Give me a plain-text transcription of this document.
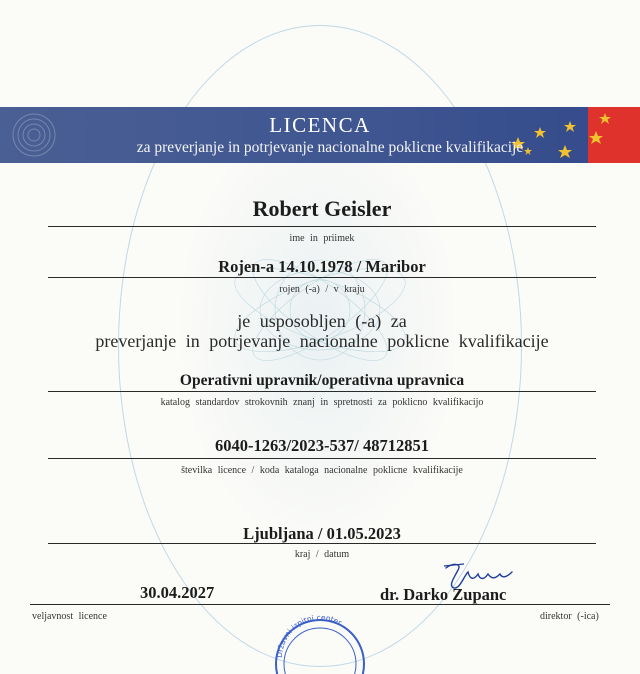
LICENCA
za preverjanje in potrjevanje nacionalne poklicne kvalifikacije
Robert Geisler
ime in priimek
Rojen-a 14.10.1978 / Maribor
rojen (-a) / v kraju
je usposobljen (-a) za
preverjanje in potrjevanje nacionalne poklicne kvalifikacije
Operativni upravnik/operativna upravnica
katalog standardov strokovnih znanj in spretnosti za poklicno kvalifikacijo
6040-1263/2023-537/ 48712851
številka licence / koda kataloga nacionalne poklicne kvalifikacije
Ljubljana / 01.05.2023
kraj / datum
30.04.2027	dr. Darko Zupanc
veljavnost licence	direktor (-ica)
Državni izpitni center
